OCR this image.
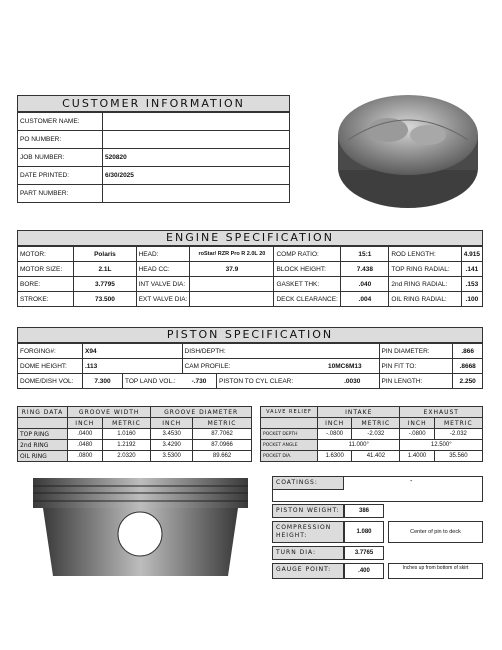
CUSTOMER INFORMATION
CUSTOMER NAME:	
PO NUMBER:	
JOB NUMBER:	520820
DATE PRINTED:	6/30/2025
PART NUMBER:	
ENGINE SPECIFICATION
MOTOR:	Polaris	HEAD:	roStar/ RZR Pro R 2.0L 20	COMP RATIO:	15:1	ROD LENGTH:	4.915
MOTOR SIZE:	2.1L	HEAD CC:	37.9	BLOCK HEIGHT:	7.438	TOP RING RADIAL:	.141
BORE:	3.7795	INT VALVE DIA:		GASKET THK:	.040	2nd RING RADIAL:	.153
STROKE:	73.500	EXT VALVE DIA:		DECK CLEARANCE:	.004	OIL RING RADIAL:	.100
PISTON SPECIFICATION
FORGING#:	X94		DISH/DEPTH:			PIN DIAMETER:	.866
DOME HEIGHT:	.113		CAM PROFILE:		10MC6M13	PIN FIT TO:	.8668
DOME/DISH VOL:	7.300	TOP LAND VOL.:	-.730	PISTON TO CYL CLEAR:	.0030	PIN LENGTH:	2.250
RING DATA	GROOVE WIDTH		GROOVE DIAMETER	
	INCH	METRIC	INCH	METRIC
TOP RING	.0400	1.0160	3.4530	87.7062
2nd RING	.0480	1.2192	3.4290	87.0966
OIL RING	.0800	2.0320	3.5300	89.662
VALVE RELIEF	INTAKE		EXHAUST	
	INCH	METRIC	INCH	METRIC
POCKET DEPTH	-.0800	-2.032	-.0800	-2.032
POCKET ANGLE	11.000°		12.500°	
POCKET DIA.	1.6300	41.402	1.4000	35.560
COATINGS:	-
PISTON WEIGHT:	386
COMPRESSION HEIGHT:	1.080	Center of pin to deck
TURN DIA:	3.7765
GAUGE POINT:	.400	Inches up from bottom of skirt
